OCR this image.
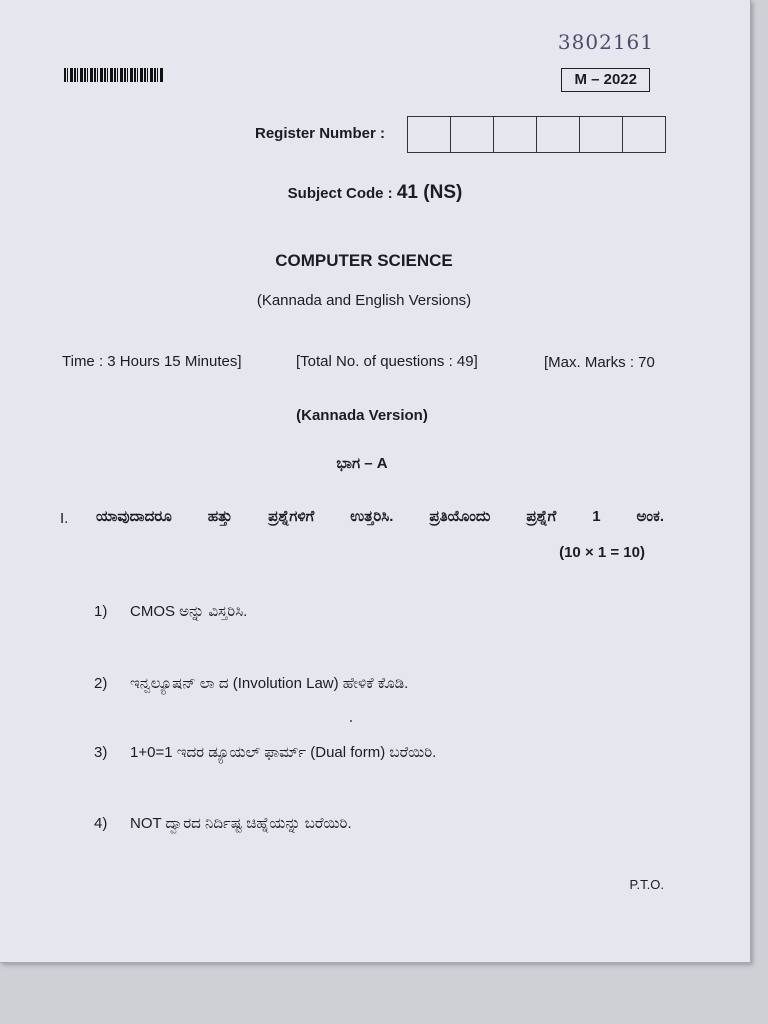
3802161
M – 2022
Register Number :
Subject Code : 41 (NS)
COMPUTER SCIENCE
(Kannada and English Versions)
Time : 3 Hours 15 Minutes]	[Total No. of questions : 49]	[Max. Marks : 70
(Kannada Version)
ಭಾಗ – A
I. ಯಾವುದಾದರೂ ಹತ್ತು ಪ್ರಶ್ನೆಗಳಿಗೆ ಉತ್ತರಿಸಿ. ಪ್ರತಿಯೊಂದು ಪ್ರಶ್ನೆಗೆ 1 ಅಂಕ.
(10 × 1 = 10)
1) CMOS ಅನ್ನು ವಿಸ್ತರಿಸಿ.
2) ಇನ್ವಲ್ಯೂಷನ್ ಲಾ ದ (Involution Law) ಹೇಳಿಕೆ ಕೊಡಿ.
3) 1+0=1 ಇದರ ಡ್ಯೂಯಲ್ ಫಾರ್ಮ್ (Dual form) ಬರೆಯಿರಿ.
4) NOT ದ್ವಾರದ ನಿರ್ದಿಷ್ಟ ಚಿಹ್ನೆಯನ್ನು ಬರೆಯಿರಿ.
P.T.O.
